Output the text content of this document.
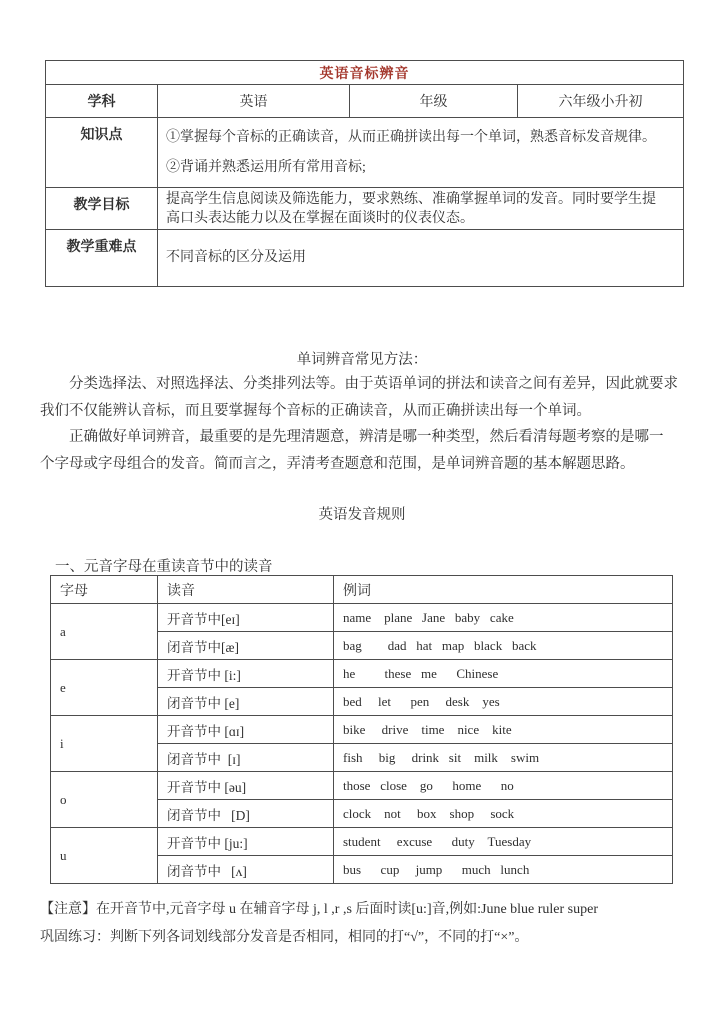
英语音标辨音			
学科	英语	年级	六年级小升初
知识点	①掌握每个音标的正确读音，从而正确拼读出每一个单词，熟悉音标发音规律。
②背诵并熟悉运用所有常用音标;		

教学目标	提高学生信息阅读及筛选能力，要求熟练、准确掌握单词的发音。同时要学生提
高口头表达能力以及在掌握在面谈时的仪表仪态。		

教学重难点	不同音标的区分及运用		
单词辨音常见方法：
分类选择法、对照选择法、分类排列法等。由于英语单词的拼法和读音之间有差异，因此就要求
我们不仅能辨认音标，而且要掌握每个音标的正确读音，从而正确拼读出每一个单词。
正确做好单词辨音，最重要的是先理清题意，辨清是哪一种类型，然后看清每题考察的是哪一
个字母或字母组合的发音。简而言之，弄清考查题意和范围，是单词辨音题的基本解题思路。
英语发音规则
一、元音字母在重读音节中的读音
字母	读音	例词
a	开音节中[eɪ]	name    plane   Jane   baby   cake
	闭音节中[æ]	bag        dad   hat   map   black   back
e	开音节中 [i:]	he         these   me      Chinese
	闭音节中 [e]	bed     let      pen     desk    yes
i	开音节中 [ɑɪ]	bike     drive    time    nice    kite
	闭音节中  [ɪ]	fish     big     drink   sit    milk    swim
o	开音节中 [əu]	those   close    go      home      no
	闭音节中   [D]	clock    not     box    shop     sock
u	开音节中 [ju:]	student     excuse      duty    Tuesday
	闭音节中   [ʌ]	bus      cup     jump      much   lunch
【注意】在开音节中,元音字母 u 在辅音字母 j, l ,r ,s 后面时读[u:]音,例如:June blue ruler super
巩固练习：判断下列各词划线部分发音是否相同，相同的打“√”，不同的打“×”。
